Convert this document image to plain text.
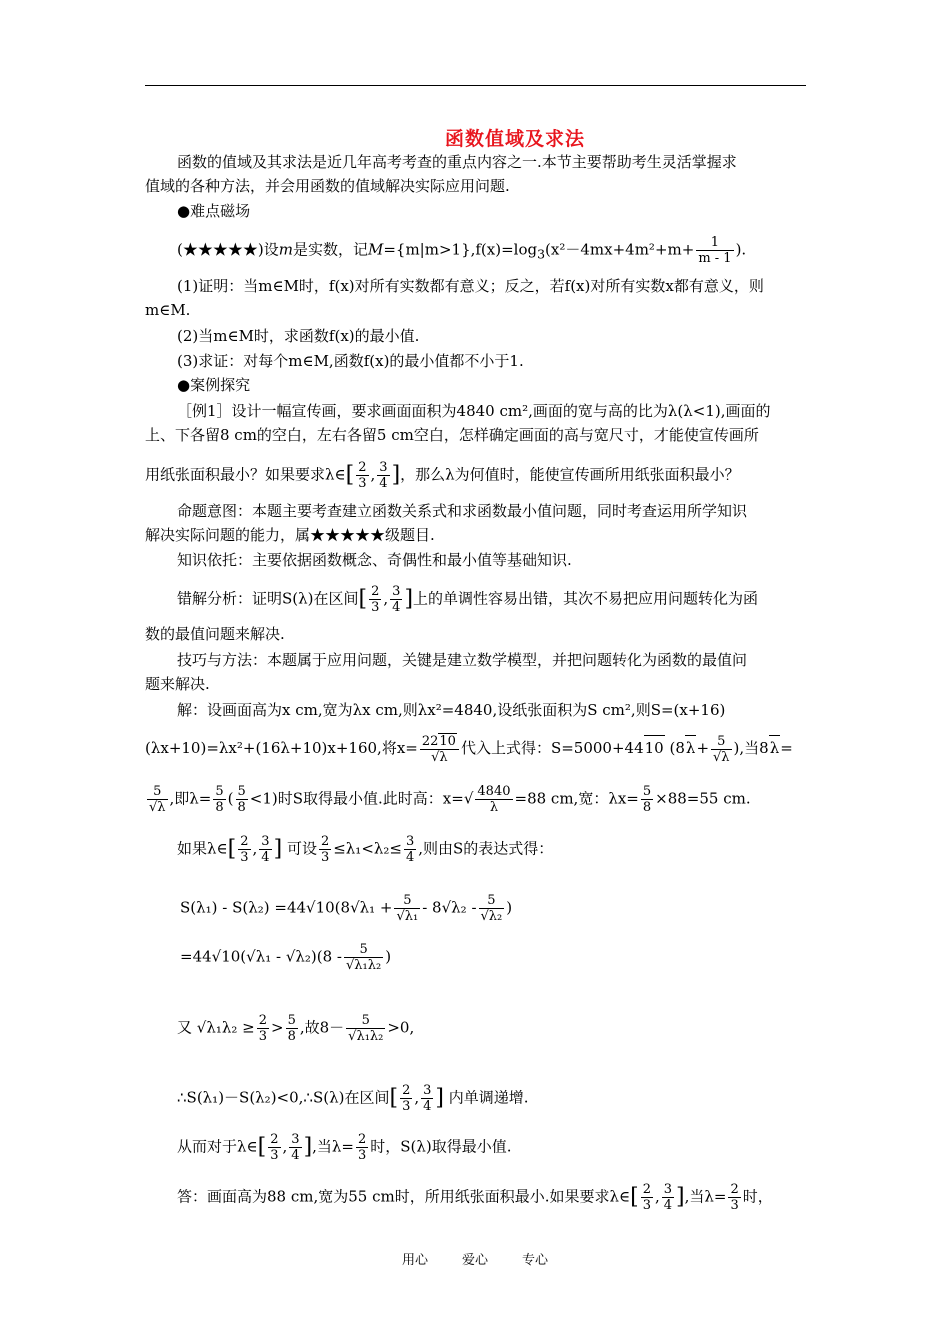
函数值域及求法
函数的值域及其求法是近几年高考考查的重点内容之一.本节主要帮助考生灵活掌握求
值域的各种方法，并会用函数的值域解决实际应用问题.
●难点磁场
(★★★★★)设m是实数，记$M=\{m|m>1\},f(x)=\log_3(x^2-4mx+4m^2+m+ \frac{1}{m - 1}$ ).
(1)证明：当m∈M时，f(x)对所有实数都有意义；反之，若f(x)对所有实数x都有意义，则
m∈M.
(2)当m∈M时，求函数f(x)的最小值.
(3)求证：对每个m∈M,函数f(x)的最小值都不小于1.
●案例探究
［例1］设计一幅宣传画，要求画面面积为4840 cm²,画面的宽与高的比为λ(λ<1),画面的
上、下各留8 cm的空白，左右各留5 cm空白，怎样确定画面的高与宽尺寸，才能使宣传画所
用纸张面积最小？如果要求λ∈[ $\frac{2}{3}$ , $\frac{3}{4}$ ]，那么λ为何值时，能使宣传画所用纸张面积最小？
命题意图：本题主要考查建立函数关系式和求函数最小值问题，同时考查运用所学知识
解决实际问题的能力，属★★★★★级题目.
知识依托：主要依据函数概念、奇偶性和最小值等基础知识.
错解分析：证明S(λ)在区间[ $\frac{2}{3}$ , $\frac{3}{4}$ ]上的单调性容易出错，其次不易把应用问题转化为函
数的最值问题来解决.
技巧与方法：本题属于应用问题，关键是建立数学模型，并把问题转化为函数的最值问
题来解决.
解：设画面高为x cm,宽为λx cm,则λx²=4840,设纸张面积为S cm²,则S=(x+16)
(λx+10)=λx²+(16λ+10)x+160,将$x= \frac{2210}{√\lambda}$ 代入上式得：S=5000+4410 ($8\lambda+ \frac{5}{√\lambda}$ ),当8λ=
$\frac{5}{√\lambda}$ ,即$\lambda= \frac{5}{8}$ ( $\frac{5}{8} <1$)时S取得最小值.此时高：$x=√ \frac{4840}{\lambda} =88$ cm,宽：$\lambda x= \frac{5}{8} \times 88=55$ cm.
如果λ∈[ $\frac{2}{3}$ , $\frac{3}{4}$ ] 可设 $\frac{2}{3} \le\lambda_1<\lambda_2\le \frac{3}{4}$ ,则由S的表达式得：
$S(\lambda_1) - S(\lambda_2) =44√10(8√\lambda_1 + \frac{5}{\text{√λ₁}} - 8√\lambda_2 - \frac{5}{\text{√λ₂}}$ )
$=44√10(√\lambda_1 - √\lambda_2)(8 - \frac{5}{\text{√λ₁λ₂}}$ )
又 $√\lambda_1\lambda_2 \ge \frac{2}{3} > \frac{5}{8}$ ,故$8- \frac{5}{\text{√λ₁λ₂}} >0$,
∴S(λ₁)－S(λ₂)<0,∴S(λ)在区间[ $\frac{2}{3}$ , $\frac{3}{4}$ ] 内单调递增.
从而对于λ∈[ $\frac{2}{3}$ , $\frac{3}{4}$ ],当$\lambda= \frac{2}{3}$ 时，S(λ)取得最小值.
答：画面高为88 cm,宽为55 cm时，所用纸张面积最小.如果要求λ∈[ $\frac{2}{3}$ , $\frac{3}{4}$ ],当$\lambda= \frac{2}{3}$ 时，
用心	爱心	专心
